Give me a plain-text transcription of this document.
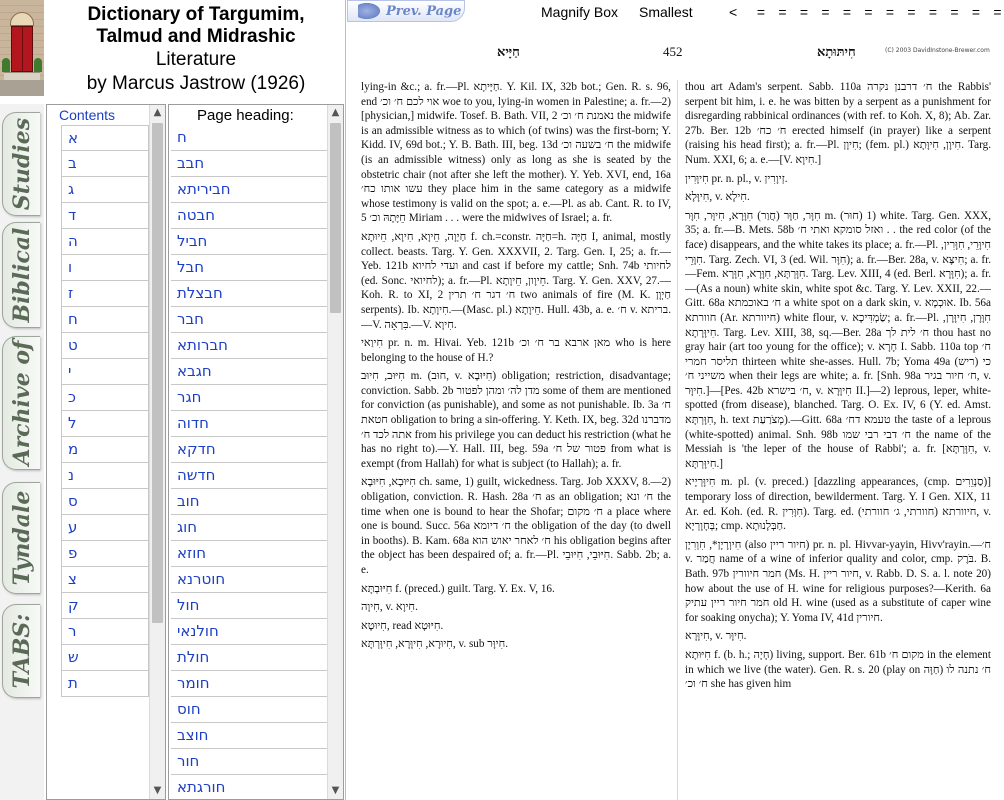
Dictionary of Targumim,
Talmud and Midrashic
Literature
by Marcus Jastrow (1926)
Studies
Biblical
Archive of
Tyndale
TABS:
Contents
א
ב
ג
ד
ה
ו
ז
ח
ט
י
כ
ל
מ
נ
ס
ע
פ
צ
ק
ר
ש
ת
▲
▼
Page heading:
ח
חבב
חביריתא
חבטה
חביל
חבל
חבצלת
חבר
חברותא
חגבא
חגר
חדוה
חדקא
חדשה
חוב
חוג
חוזא
חוטרנא
חול
חולנאי
חולת
חומר
חוס
חוצב
חור
חורגתא
▲
▼
Prev. Page	Magnify Box Smallest	< = = = = = = = = = = = =
חַיָּיא	452	חִיתּוּתָא	(C) 2003 DavidInstone-Brewer.com

lying-in &c.; a. fr.—Pl. חַיָּיתָא. Y. Kil. IX, 32b bot.; Gen. R. s. 96, end אוי לכם ח׳ וכ׳ woe to you, lying-in women in Palestine; a. fr.—2) [physician,] midwife. Tosef. B. Bath. VII, 2 נאמנת ח׳ וכ׳ the midwife is an admissible witness as to which (of twins) was the first-born; Y. Kidd. IV, 69d bot.; Y. B. Bath. III, beg. 13d ח׳ בשעה וכ׳ the midwife (is an admissible witness) only as long as she is seated by the obstetric chair (not after she left the mother). Y. Yeb. XVI, end, 16a עשו אותו כח׳ they place him in the same category as a midwife whose testimony is valid on the spot; a. e.—Pl. as ab. Cant. R. to IV, 5 חֵיָּתָהּ וכ׳ Miriam . . . were the midwives of Israel; a. fr.

חַיְוָה, חֵיוָא, חִיוָא, חֵיוּתָא f. ch.=constr. חַיָּה=h. חַיָּה I, animal, mostly collect. beasts. Targ. Y. Gen. XXXVII, 2. Targ. Gen. I, 25; a. fr.—Yeb. 121b ועדי לחיוא and cast if before my cattle; Snh. 74b לחיותי (ed. Sonc. לחיואי); a. fr.—Pl. חֵיוָון, חֵיוָתָא. Targ. Y. Gen. XXV, 27.—Koh. R. to XI, 2 ח׳ דגר ח׳ תרין two animals of fire (M. K. חַיְוָן serpents). Ib. חִיוָתָא.—(Masc. pl.) חֵיוָתָא. Hull. 43b, a. e. ח׳ v. בריתא.—V. בִּרְאָה.—V. חִיוָא.

חִיוַאי pr. n. m. Hivai. Yeb. 121b מאן ארבא בר ח׳ וכ׳ who is here belonging to the house of H.?

חִיּוּב, חִיוּב m. (חוּב, v. חִיּוּבָא) obligation; restriction, disadvantage; conviction. Sabb. 2b מדן לה׳ ומהן לפטור some of them are mentioned for conviction (as punishable), and some as not punishable. Ib. 3a ח׳ חטאת obligation to bring a sin-offering. Y. Keth. IX, beg. 32d מדברנו אתה לכד ח׳ from his privilege you can deduct his restriction (what he has no right to).—Y. Hall. III, beg. 59a פטור של ח׳ from what is exempt (from Hallah) for what is subject (to Hallah); a. fr.

חִיּוּבָא, חִיּוּבָא ch. same, 1) guilt, wickedness. Targ. Job XXXV, 8.—2) obligation, conviction. R. Hash. 28a ח׳ as an obligation; ח׳ ונא the time when one is bound to hear the Shofar; ח׳ מקום a place where one is bound. Succ. 56a ח׳ דיומא the obligation of the day (to dwell in booths). B. Kam. 68a ח׳ לאחר יאוש הוא his obligation begins after the object has been despaired of; a. fr.—Pl. חִיּוּבֵי, חִיּוּבֵי. Sabb. 2b; a. e.

חִיּוּבְתָּא f. (preced.) guilt. Targ. Y. Ex. V, 16.

חִיוָה, v. חִיוָא.

חִיוּטָא, read חִיּוּטָא.

חִיוּרָא, חִיוָּרָא, חִיוָּרְתָּא, v. sub חִיוָּר.

thou art Adam's serpent. Sabb. 110a ח׳ דרבנן נקרה the Rabbis' serpent bit him, i. e. he was bitten by a serpent as a punishment for disregarding rabbinical ordinances (with ref. to Koh. X, 8); Ab. Zar. 27b. Ber. 12b ח׳ כח׳ erected himself (in prayer) like a serpent (raising his head first); a. fr.—Pl. חִיוָן; (fem. pl.) חִיוָן, חִיוָּתָא. Targ. Num. XXI, 6; a. e.—[V. חִיוָא.]

חִיוָּרִין pr. n. pl., v. זְיוָרִין.

חִיוָּלָא, v. חִילָא.

חִוָּר, חַוָּר (חֲוַר) חִוָּרָא, חִיוָּר, חִוָּר m. (חוּר) 1) white. Targ. Gen. XXX, 35; a. fr.—B. Mets. 58b ואזל סומקא ואתי ח׳ . . the red color (of the face) disappears, and the white takes its place; a. fr.—Pl. חִיוָּרֵי, חִוָּרִין, חִוָּרֵי. Targ. Zech. VI, 3 (ed. Wil. חִוָּר); a. fr.—Ber. 28a, v. חִיצָּא; a. fr.—Fem. חִוָּרְתָּא, חִוָּרָא, חִוָּרָא. Targ. Lev. XIII, 4 (ed. Berl. חִוָּרָא); a. fr.—(As a noun) white skin, white spot &c. Targ. Y. Lev. XXII, 22.—Gitt. 68a ח׳ באוכמתא a white spot on a dark skin, v. אוּכְמָא. Ib. 56a חוורתא (Ar. חיוורתא) white flour, v. שַׂמְדִּיכָא; a. fr.—Pl. חִוָּרָן, חִיוָּרָן, חִיוָּרָתָא. Targ. Lev. XIII, 38, sq.—Ber. 28a ח׳ לית לך thou hast no gray hair (art too young for the office); v. חָרָא I. Sabb. 110a top ח׳ תליסר חמרי thirteen white she-asses. Hull. 7b; Yoma 49a (ריש) כי משייני ח׳ when their legs are white; a. fr. [Snh. 98a ח׳ חיור בגיר, v. חִיוָּר.]—[Pes. 42b ח׳ בישרא, v. חִיוָּרָא II.]—2) leprous, leper, white-spotted (from disease), blanched. Targ. O. Ex. IV, 6 (Y. ed. Amst. חִוָּרְתָּא, h. text מְצֹרַעַת).—Gitt. 68a טעמא דח׳ the taste of a leprous (white-spotted) animal. Snh. 98b ח׳ דבי רבי שמו the name of the Messiah is 'the leper of the house of Rabbi'; a. fr. [חִוָּרְתָּא, v. חִיוָּרְתָּא.]

חִיוָּרְיָיא m. pl. (v. preced.) [dazzling appearances, (cmp. סַנְוֵרִים)] temporary loss of direction, bewilderment. Targ. Y. I Gen. XIX, 11 Ar. ed. Koh. (ed. R. חִוָּרִין). Targ. ed. חיוורתא (חוורתי, ג׳ חוורתי), v. בְּחָוָרְיָא; cmp. חַבְּלָנוּתָא.

חִיוְרָיָן*, חִוְרִיָן (also חיור ריין) pr. n. pl. Hivvar-yayin, Hivv'rayin.—ח׳ v. חֲמַר name of a wine of inferior quality and color, cmp. בֹּרֶק. B. Bath. 97b חמר חיוורין (Ms. H. חיור ריין, v. Rabb. D. S. a. l. note 20) how about the use of H. wine for religious purposes?—Kerith. 6a חמר חיור ריין עתיק old H. wine (used as a substitute of caper wine for soaking onycha); Y. Yoma IV, 41d חיורין.

חִיוָּרָא, v. חִיוָּר.

חִיּוּתָא f. (b. h.; חָיָה) living, support. Ber. 61b מקום ח׳ in the element in which we live (the water). Gen. R. s. 20 (play on חַוָּה) ח׳ נתנה לו ח׳ וכ׳ she has given him
